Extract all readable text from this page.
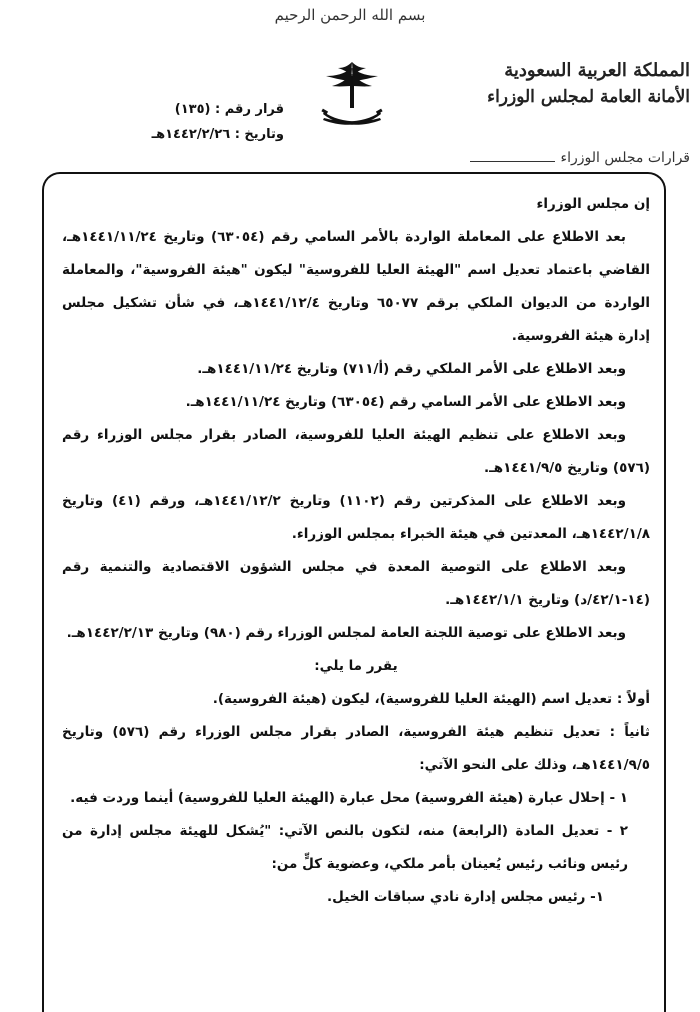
بسم الله الرحمن الرحيم
المملكة العربية السعودية
الأمانة العامة لمجلس الوزراء
قرارات مجلس الوزراء
قرار رقم : (١٣٥)
وتاريخ : ١٤٤٢/٢/٢٦هـ

إن مجلس الوزراء

بعد الاطلاع على المعاملة الواردة بالأمر السامي رقم (٦٣٠٥٤) وتاريخ ١٤٤١/١١/٢٤هـ، القاضي باعتماد تعديل اسم "الهيئة العليا للفروسية" ليكون "هيئة الفروسية"، والمعاملة الواردة من الديوان الملكي برقم ٦٥٠٧٧ وتاريخ ١٤٤١/١٢/٤هـ، في شأن تشكيل مجلس إدارة هيئة الفروسية.

وبعد الاطلاع على الأمر الملكي رقم (أ/٧١١) وتاريخ ١٤٤١/١١/٢٤هـ.

وبعد الاطلاع على الأمر السامي رقم (٦٣٠٥٤) وتاريخ ١٤٤١/١١/٢٤هـ.

وبعد الاطلاع على تنظيم الهيئة العليا للفروسية، الصادر بقرار مجلس الوزراء رقم (٥٧٦) وتاريخ ١٤٤١/٩/٥هـ.

وبعد الاطلاع على المذكرتين رقم (١١٠٢) وتاريخ ١٤٤١/١٢/٢هـ، ورقم (٤١) وتاريخ ١٤٤٢/١/٨هـ، المعدتين في هيئة الخبراء بمجلس الوزراء.

وبعد الاطلاع على التوصية المعدة في مجلس الشؤون الاقتصادية والتنمية رقم (١٤-٤٢/١/د) وتاريخ ١٤٤٢/١/١هـ.

وبعد الاطلاع على توصية اللجنة العامة لمجلس الوزراء رقم (٩٨٠) وتاريخ ١٤٤٢/٢/١٣هـ.

يقرر ما يلي:

أولاً : تعديل اسم (الهيئة العليا للفروسية)، ليكون (هيئة الفروسية).

ثانياً : تعديل تنظيم هيئة الفروسية، الصادر بقرار مجلس الوزراء رقم (٥٧٦) وتاريخ ١٤٤١/٩/٥هـ، وذلك على النحو الآتي:

١ - إحلال عبارة (هيئة الفروسية) محل عبارة (الهيئة العليا للفروسية) أينما وردت فيه.

٢ - تعديل المادة (الرابعة) منه، لتكون بالنص الآتي: "يُشكل للهيئة مجلس إدارة من رئيس ونائب رئيس يُعينان بأمر ملكي، وعضوية كلٍّ من:

١- رئيس مجلس إدارة نادي سباقات الخيل.
